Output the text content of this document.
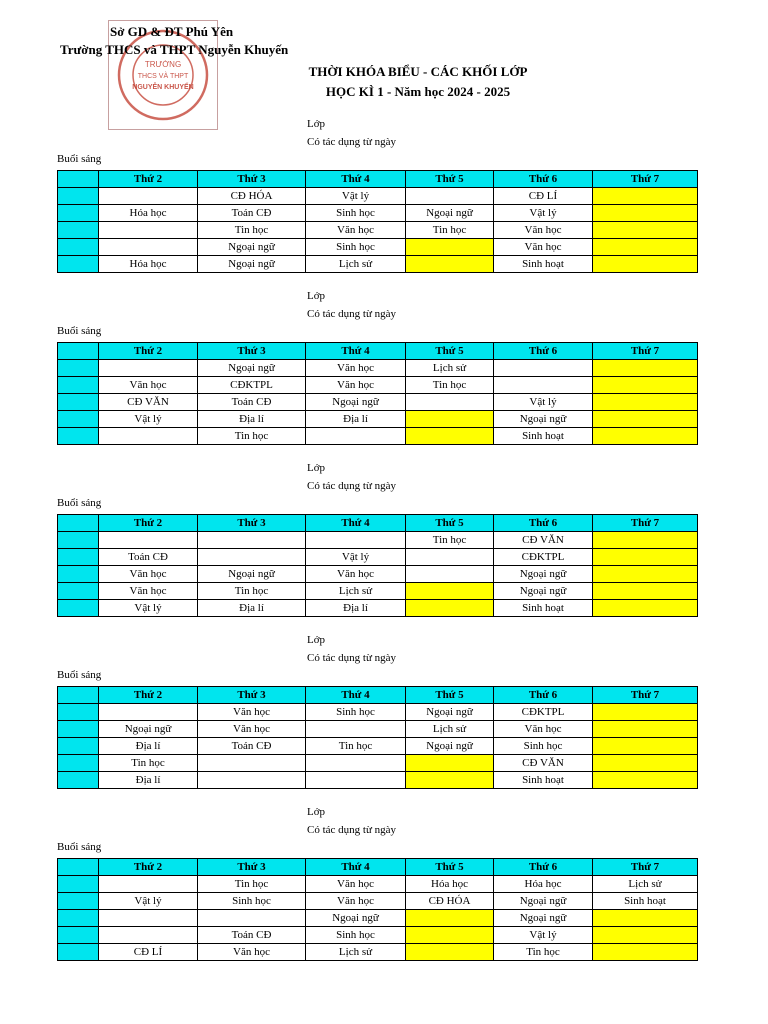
TRƯỜNG
THCS VÀ THPT
NGUYỄN KHUYẾN
Sở GD & ĐT Phú Yên
Trường THCS và THPT Nguyễn Khuyến
THỜI KHÓA BIỂU - CÁC KHỐI LỚP
HỌC KÌ 1 - Năm học 2024 - 2025
Lớp
Có tác dụng từ ngày
Buổi sáng
	Thứ 2	Thứ 3	Thứ 4	Thứ 5	Thứ 6	Thứ 7
		CĐ HÓA	Vật lý		CĐ LÍ	
	Hóa học	Toán CĐ	Sinh học	Ngoại ngữ	Vật lý	
		Tin học	Văn học	Tin học	Văn học	
		Ngoại ngữ	Sinh học		Văn học	
	Hóa học	Ngoại ngữ	Lịch sử		Sinh hoạt	
Lớp
Có tác dụng từ ngày
Buổi sáng
	Thứ 2	Thứ 3	Thứ 4	Thứ 5	Thứ 6	Thứ 7
		Ngoại ngữ	Văn học	Lịch sử		
	Văn học	CĐKTPL	Văn học	Tin học		
	CĐ VĂN	Toán CĐ	Ngoại ngữ		Vật lý	
	Vật lý	Địa lí	Địa lí		Ngoại ngữ	
		Tin học			Sinh hoạt	
Lớp
Có tác dụng từ ngày
Buổi sáng
	Thứ 2	Thứ 3	Thứ 4	Thứ 5	Thứ 6	Thứ 7
				Tin học	CĐ VĂN	
	Toán CĐ		Vật lý		CĐKTPL	
	Văn học	Ngoại ngữ	Văn học		Ngoại ngữ	
	Văn học	Tin học	Lịch sử		Ngoại ngữ	
	Vật lý	Địa lí	Địa lí		Sinh hoạt	
Lớp
Có tác dụng từ ngày
Buổi sáng
	Thứ 2	Thứ 3	Thứ 4	Thứ 5	Thứ 6	Thứ 7
		Văn học	Sinh học	Ngoại ngữ	CĐKTPL	
	Ngoại ngữ	Văn học		Lịch sử	Văn học	
	Địa lí	Toán CĐ	Tin học	Ngoại ngữ	Sinh học	
	Tin học				CĐ VĂN	
	Địa lí				Sinh hoạt	
Lớp
Có tác dụng từ ngày
Buổi sáng
	Thứ 2	Thứ 3	Thứ 4	Thứ 5	Thứ 6	Thứ 7
		Tin học	Văn học	Hóa học	Hóa học	Lịch sử
	Vật lý	Sinh học	Văn học	CĐ HÓA	Ngoại ngữ	Sinh hoạt
			Ngoại ngữ		Ngoại ngữ	
		Toán CĐ	Sinh học		Vật lý	
	CĐ LÍ	Văn học	Lịch sử		Tin học	
